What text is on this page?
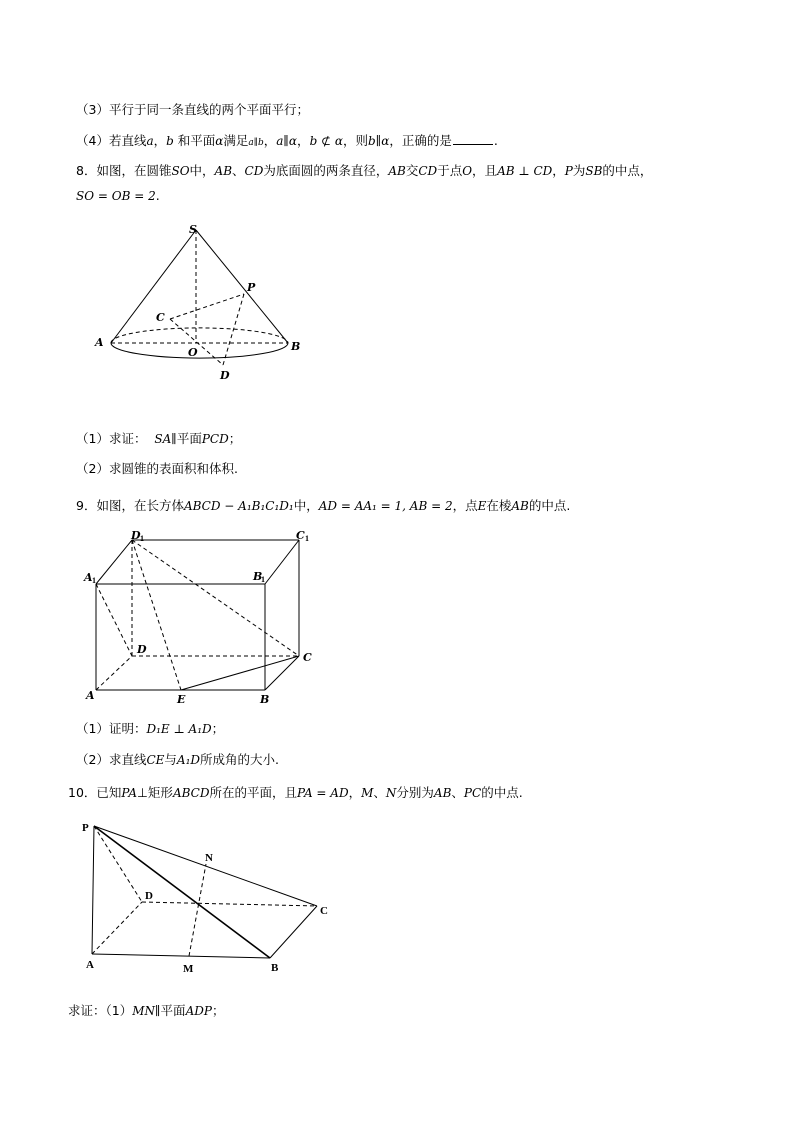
（3）平行于同一条直线的两个平面平行；
（4）若直线a，b 和平面α满足a∥b，a∥α，b ⊄ α，则b∥α，正确的是	.
8．如图，在圆锥SO中，AB、CD为底面圆的两条直径，AB交CD于点O，且AB ⊥ CD，P为SB的中点，
SO = OB = 2.
S
P
C
A
O	B
D
（1）求证： SA∥平面PCD；
（2）求圆锥的表面积和体积.
9．如图，在长方体ABCD − A₁B₁C₁D₁中，AD = AA₁ = 1, AB = 2，点E在棱AB的中点.
D 1	C 1
A 1	B
1
D
C
A	E	B
（1）证明：D₁E ⊥ A₁D；
（2）求直线CE与A₁D所成角的大小.
10．已知PA⊥矩形ABCD所在的平面，且PA = AD，M、N分别为AB、PC的中点.
P
N
D
C
A	M	B
求证：（1）MN∥平面ADP；
